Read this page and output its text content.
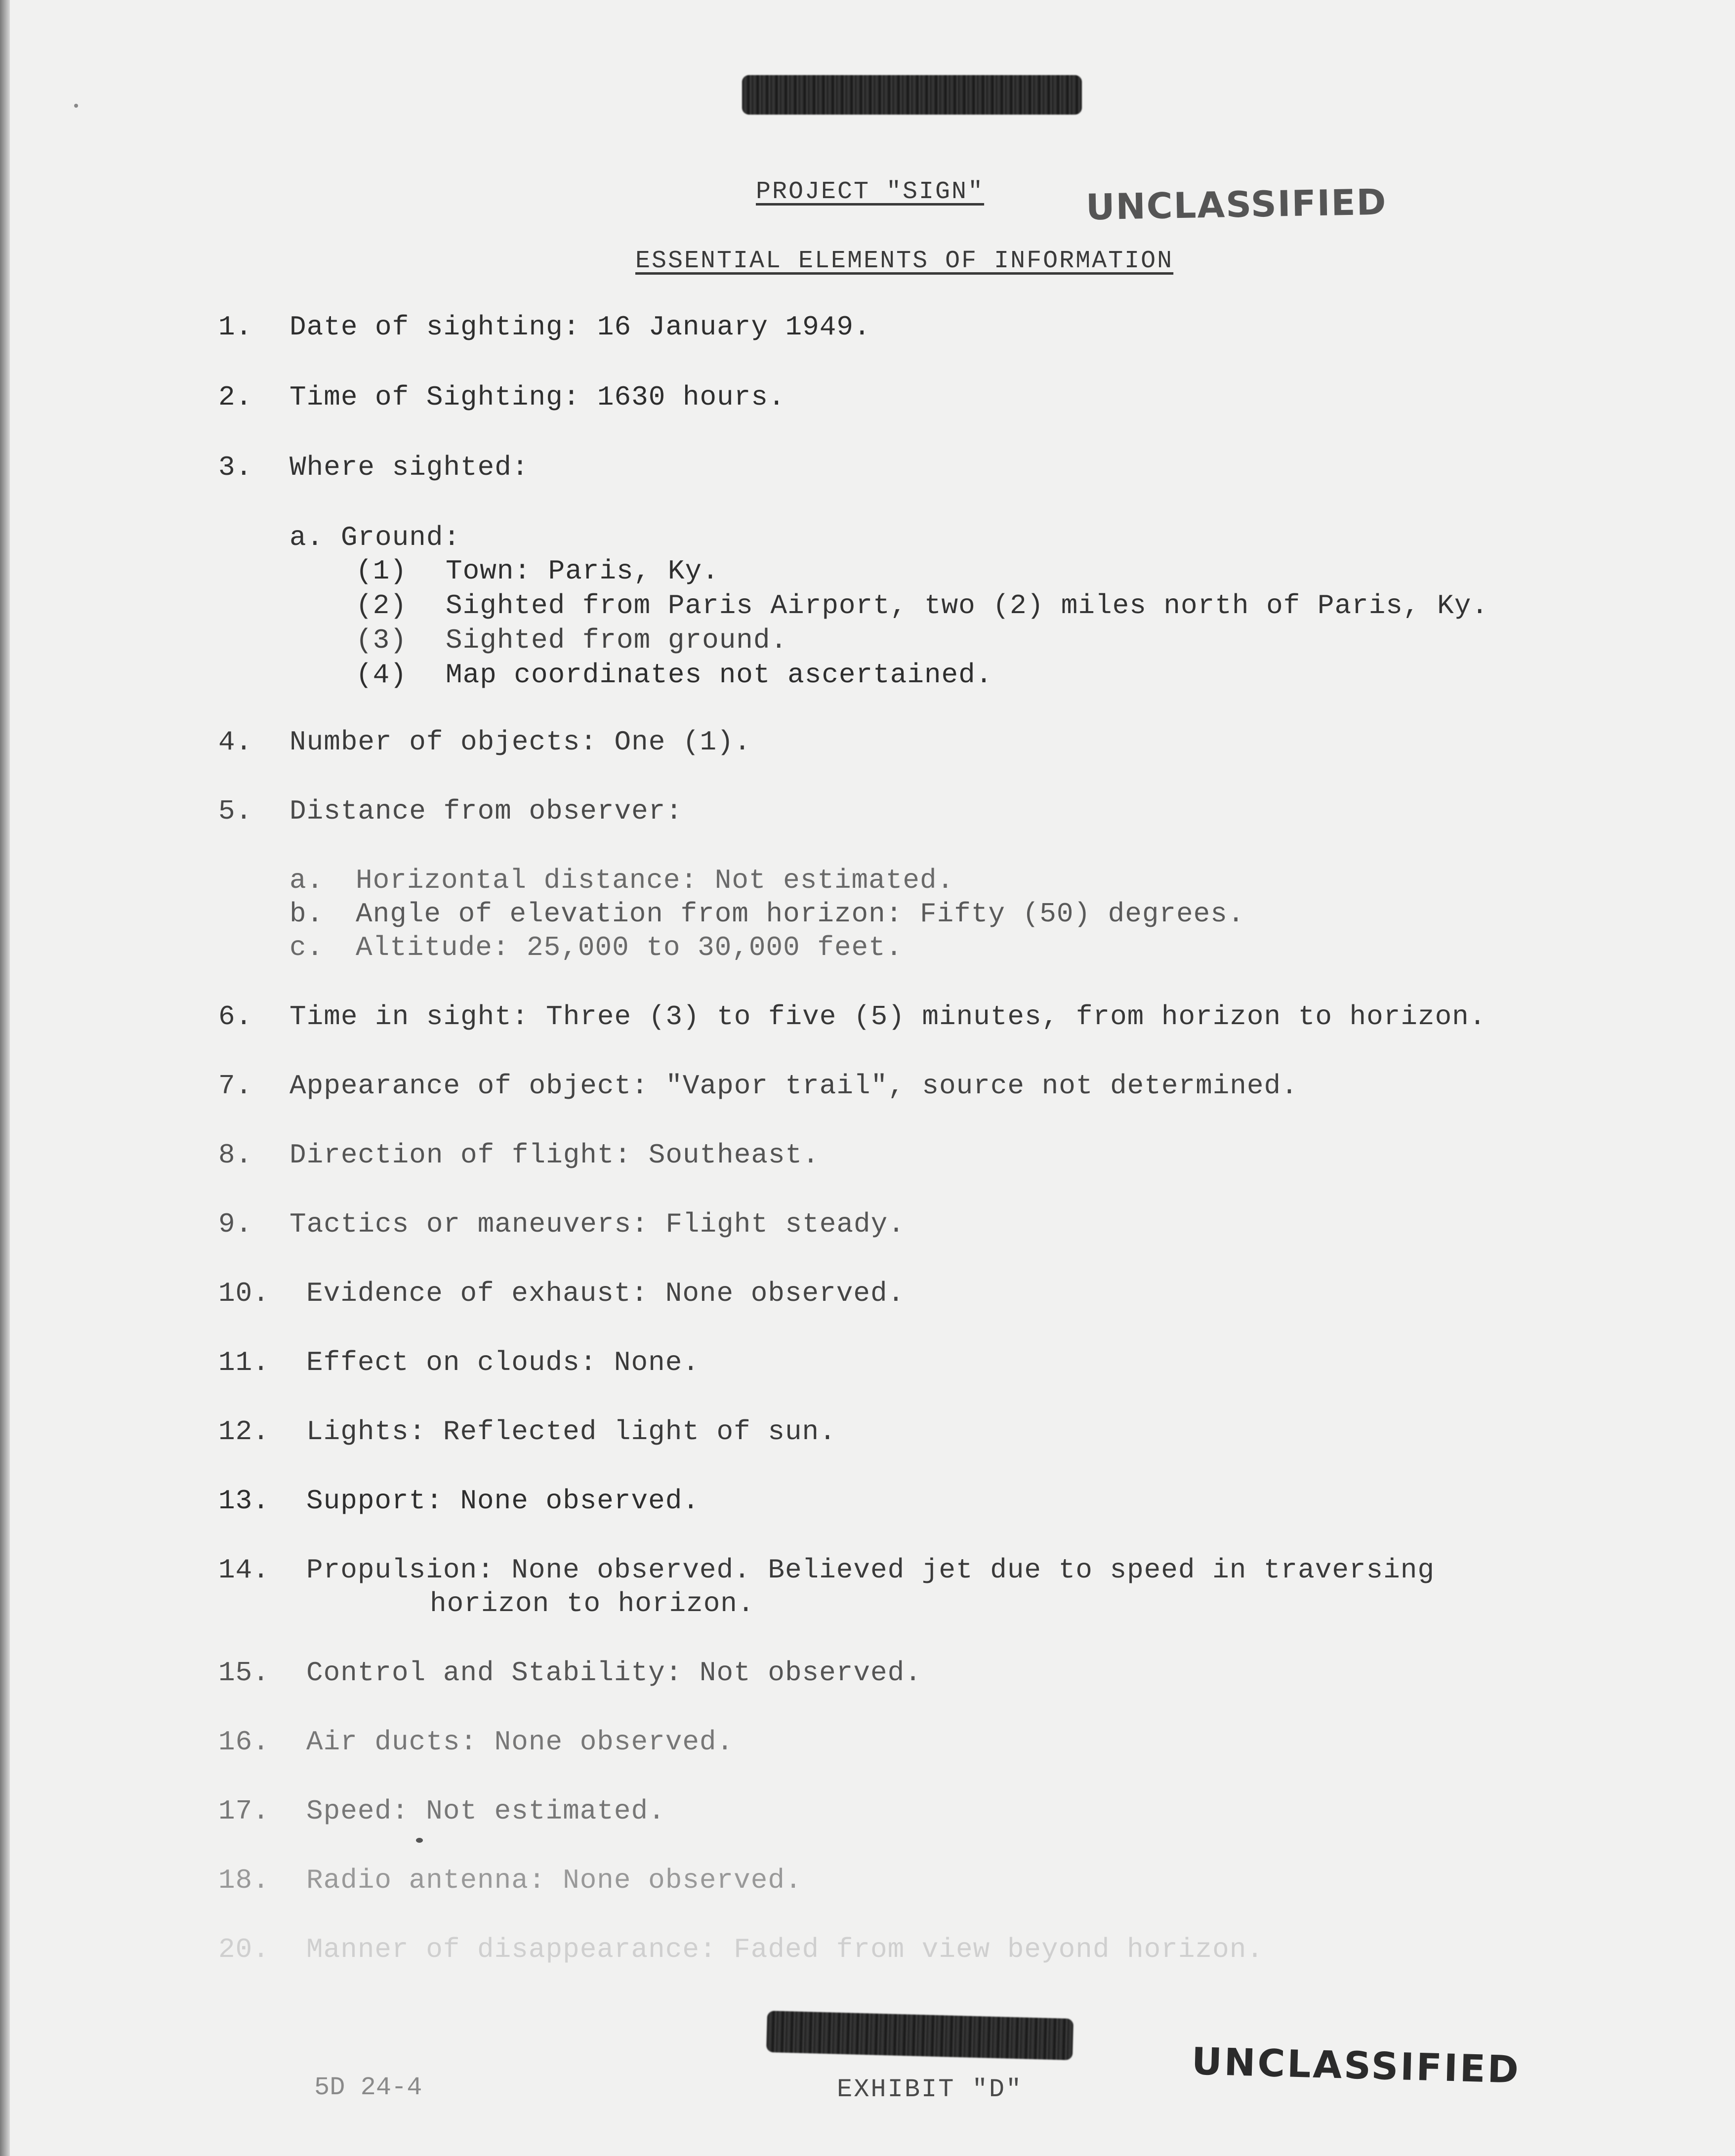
PROJECT "SIGN"	UNCLASSIFIED
ESSENTIAL ELEMENTS OF INFORMATION
1. Date of sighting: 16 January 1949.
2. Time of Sighting: 1630 hours.
3. Where sighted:
a. Ground:
(1) Town: Paris, Ky.
(2) Sighted from Paris Airport, two (2) miles north of Paris, Ky.
(3) Sighted from ground.
(4) Map coordinates not ascertained.
4. Number of objects: One (1).
5. Distance from observer:
a. Horizontal distance: Not estimated.
b. Angle of elevation from horizon: Fifty (50) degrees.
c. Altitude: 25,000 to 30,000 feet.
6. Time in sight: Three (3) to five (5) minutes, from horizon to horizon.
7. Appearance of object: "Vapor trail", source not determined.
8. Direction of flight: Southeast.
9. Tactics or maneuvers: Flight steady.
10. Evidence of exhaust: None observed.
11. Effect on clouds: None.
12. Lights: Reflected light of sun.
13. Support: None observed.
14. Propulsion: None observed. Believed jet due to speed in traversing
horizon to horizon.
15. Control and Stability: Not observed.
16. Air ducts: None observed.
17. Speed: Not estimated.
18. Radio antenna: None observed.
20. Manner of disappearance: Faded from view beyond horizon.
5D 24-4	EXHIBIT "D"	UNCLASSIFIED
